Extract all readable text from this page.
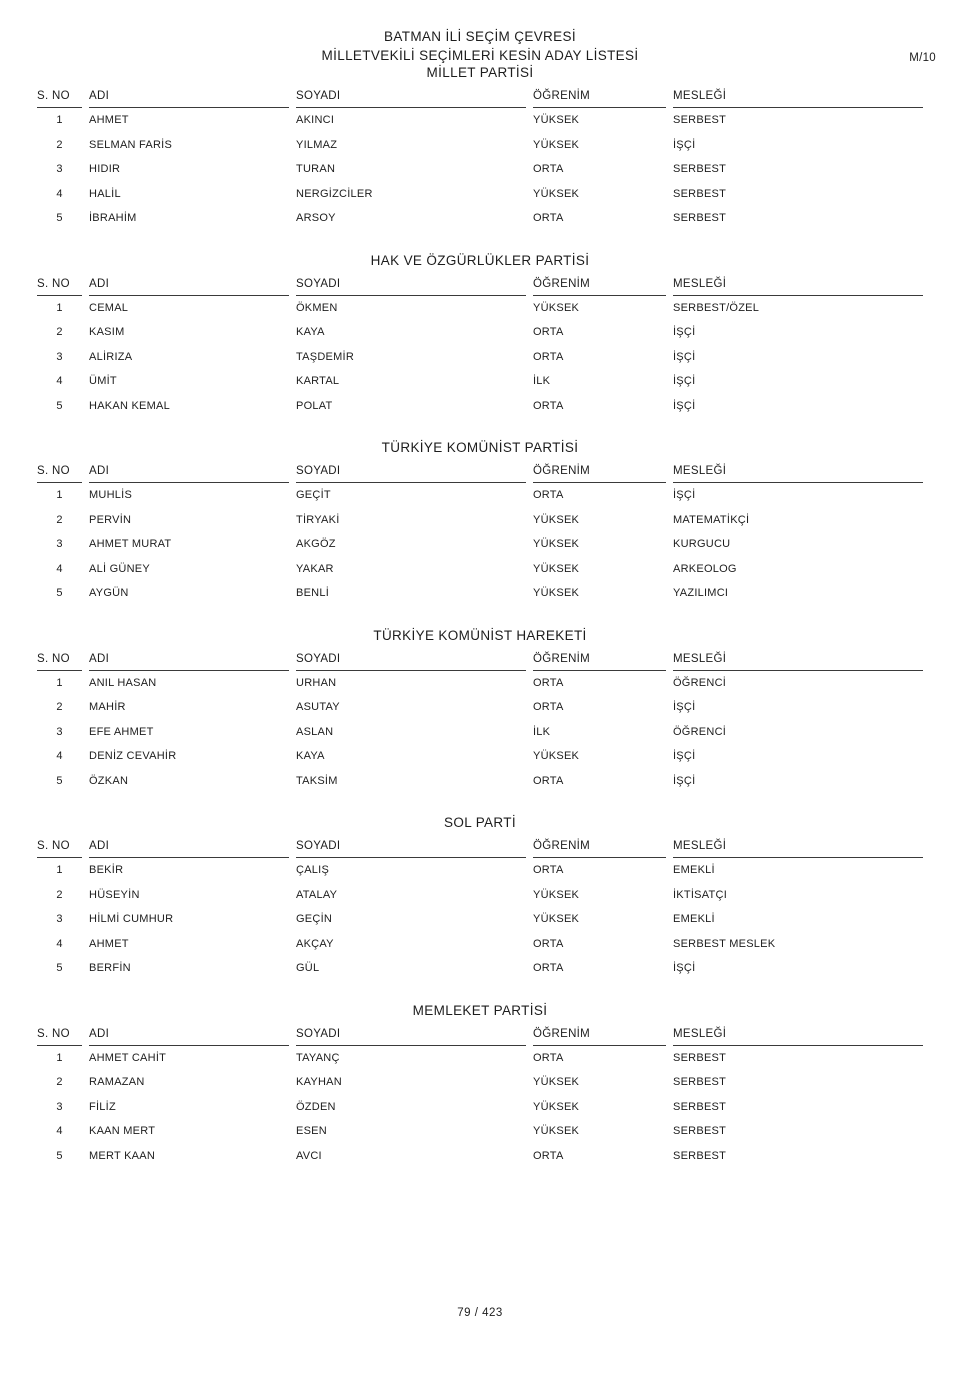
M/10
BATMAN İLİ SEÇİM ÇEVRESİ
MİLLETVEKİLİ SEÇİMLERİ KESİN ADAY LİSTESİ
MİLLET PARTİSİ
S. NO	ADI	SOYADI	ÖĞRENİM	MESLEĞİ
1	AHMET	AKINCI	YÜKSEK	SERBEST
2	SELMAN FARİS	YILMAZ	YÜKSEK	İŞÇİ
3	HIDIR	TURAN	ORTA	SERBEST
4	HALİL	NERGİZCİLER	YÜKSEK	SERBEST
5	İBRAHİM	ARSOY	ORTA	SERBEST
HAK VE ÖZGÜRLÜKLER PARTİSİ
S. NO	ADI	SOYADI	ÖĞRENİM	MESLEĞİ
1	CEMAL	ÖKMEN	YÜKSEK	SERBEST/ÖZEL
2	KASIM	KAYA	ORTA	İŞÇİ
3	ALİRIZA	TAŞDEMİR	ORTA	İŞÇİ
4	ÜMİT	KARTAL	İLK	İŞÇİ
5	HAKAN KEMAL	POLAT	ORTA	İŞÇİ
TÜRKİYE KOMÜNİST PARTİSİ
S. NO	ADI	SOYADI	ÖĞRENİM	MESLEĞİ
1	MUHLİS	GEÇİT	ORTA	İŞÇİ
2	PERVİN	TİRYAKİ	YÜKSEK	MATEMATİKÇİ
3	AHMET MURAT	AKGÖZ	YÜKSEK	KURGUCU
4	ALİ GÜNEY	YAKAR	YÜKSEK	ARKEOLOG
5	AYGÜN	BENLİ	YÜKSEK	YAZILIMCI
TÜRKİYE KOMÜNİST HAREKETİ
S. NO	ADI	SOYADI	ÖĞRENİM	MESLEĞİ
1	ANIL HASAN	URHAN	ORTA	ÖĞRENCİ
2	MAHİR	ASUTAY	ORTA	İŞÇİ
3	EFE AHMET	ASLAN	İLK	ÖĞRENCİ
4	DENİZ CEVAHİR	KAYA	YÜKSEK	İŞÇİ
5	ÖZKAN	TAKSİM	ORTA	İŞÇİ
SOL PARTİ
S. NO	ADI	SOYADI	ÖĞRENİM	MESLEĞİ
1	BEKİR	ÇALIŞ	ORTA	EMEKLİ
2	HÜSEYİN	ATALAY	YÜKSEK	İKTİSATÇI
3	HİLMİ CUMHUR	GEÇİN	YÜKSEK	EMEKLİ
4	AHMET	AKÇAY	ORTA	SERBEST MESLEK
5	BERFİN	GÜL	ORTA	İŞÇİ
MEMLEKET PARTİSİ
S. NO	ADI	SOYADI	ÖĞRENİM	MESLEĞİ
1	AHMET CAHİT	TAYANÇ	ORTA	SERBEST
2	RAMAZAN	KAYHAN	YÜKSEK	SERBEST
3	FİLİZ	ÖZDEN	YÜKSEK	SERBEST
4	KAAN MERT	ESEN	YÜKSEK	SERBEST
5	MERT KAAN	AVCI	ORTA	SERBEST
79 / 423
